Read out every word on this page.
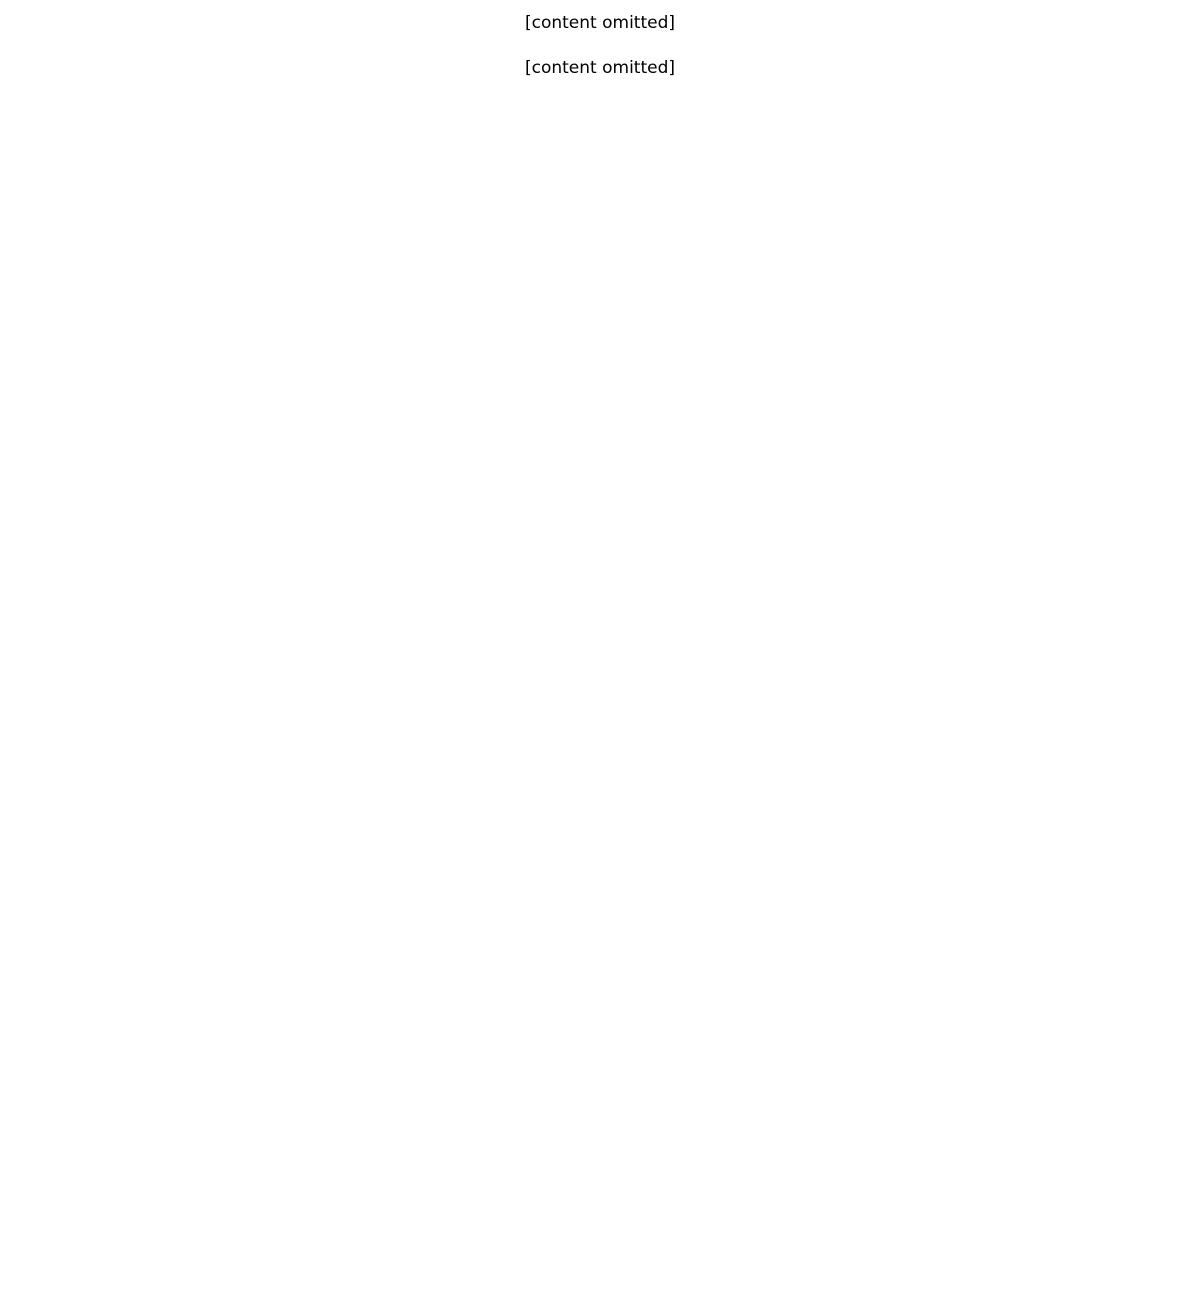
[content omitted]

[content omitted]
